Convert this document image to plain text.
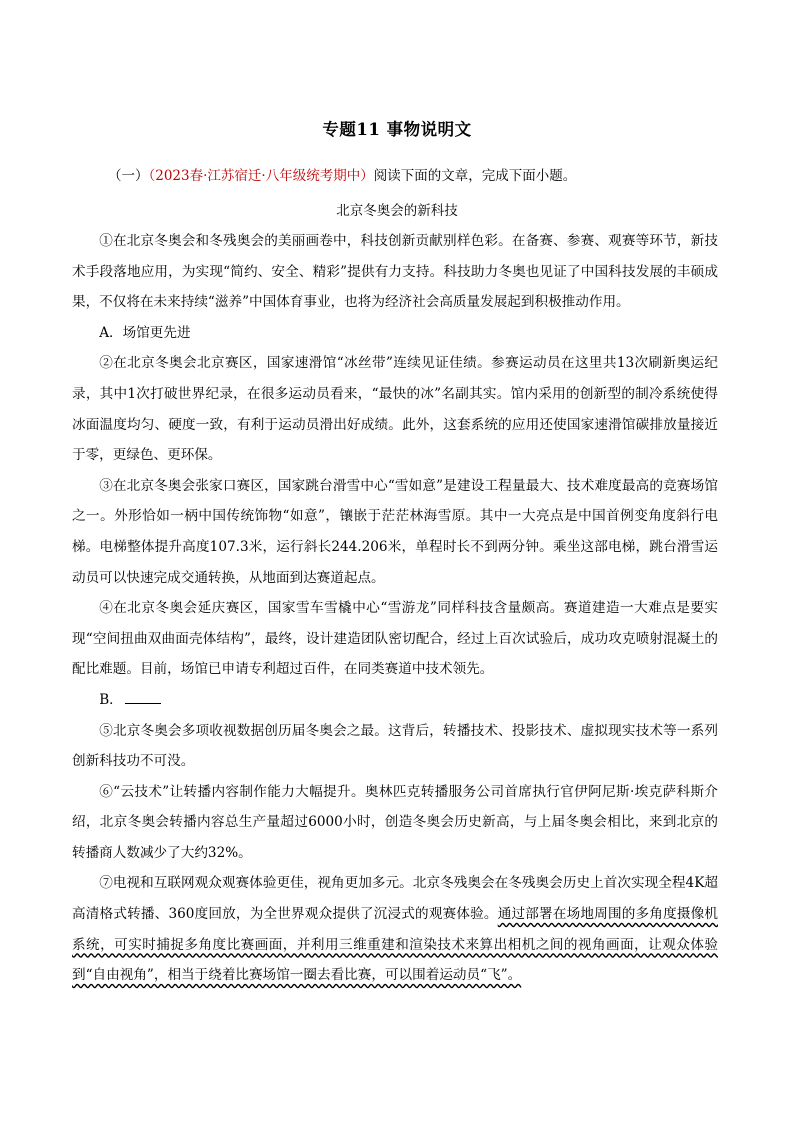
专题11 事物说明文
（一）（2023春·江苏宿迁·八年级统考期中）阅读下面的文章，完成下面小题。
北京冬奥会的新科技

①在北京冬奥会和冬残奥会的美丽画卷中，科技创新贡献别样色彩。在备赛、参赛、观赛等环节，新技术手段落地应用，为实现“简约、安全、精彩”提供有力支持。科技助力冬奥也见证了中国科技发展的丰硕成果，不仅将在未来持续“滋养”中国体育事业，也将为经济社会高质量发展起到积极推动作用。

A．场馆更先进

②在北京冬奥会北京赛区，国家速滑馆“冰丝带”连续见证佳绩。参赛运动员在这里共13次刷新奥运纪录，其中1次打破世界纪录，在很多运动员看来，“最快的冰”名副其实。馆内采用的创新型的制冷系统使得冰面温度均匀、硬度一致，有利于运动员滑出好成绩。此外，这套系统的应用还使国家速滑馆碳排放量接近于零，更绿色、更环保。

③在北京冬奥会张家口赛区，国家跳台滑雪中心“雪如意”是建设工程量最大、技术难度最高的竞赛场馆之一。外形恰如一柄中国传统饰物“如意”，镶嵌于茫茫林海雪原。其中一大亮点是中国首例变角度斜行电梯。电梯整体提升高度107.3米，运行斜长244.206米，单程时长不到两分钟。乘坐这部电梯，跳台滑雪运动员可以快速完成交通转换，从地面到达赛道起点。

④在北京冬奥会延庆赛区，国家雪车雪橇中心“雪游龙”同样科技含量颇高。赛道建造一大难点是要实现“空间扭曲双曲面壳体结构”，最终，设计建造团队密切配合，经过上百次试验后，成功攻克喷射混凝土的配比难题。目前，场馆已申请专利超过百件，在同类赛道中技术领先。

B．

⑤北京冬奥会多项收视数据创历届冬奥会之最。这背后，转播技术、投影技术、虚拟现实技术等一系列创新科技功不可没。

⑥“云技术”让转播内容制作能力大幅提升。奥林匹克转播服务公司首席执行官伊阿尼斯·埃克萨科斯介绍，北京冬奥会转播内容总生产量超过6000小时，创造冬奥会历史新高，与上届冬奥会相比，来到北京的转播商人数减少了大约32%。

⑦电视和互联网观众观赛体验更佳，视角更加多元。北京冬残奥会在冬残奥会历史上首次实现全程4K超高清格式转播、360度回放，为全世界观众提供了沉浸式的观赛体验。通过部署在场地周围的多角度摄像机系统，可实时捕捉多角度比赛画面，并利用三维重建和渲染技术来算出相机之间的视角画面，让观众体验到“自由视角”，相当于绕着比赛场馆一圈去看比赛，可以围着运动员“飞”。
